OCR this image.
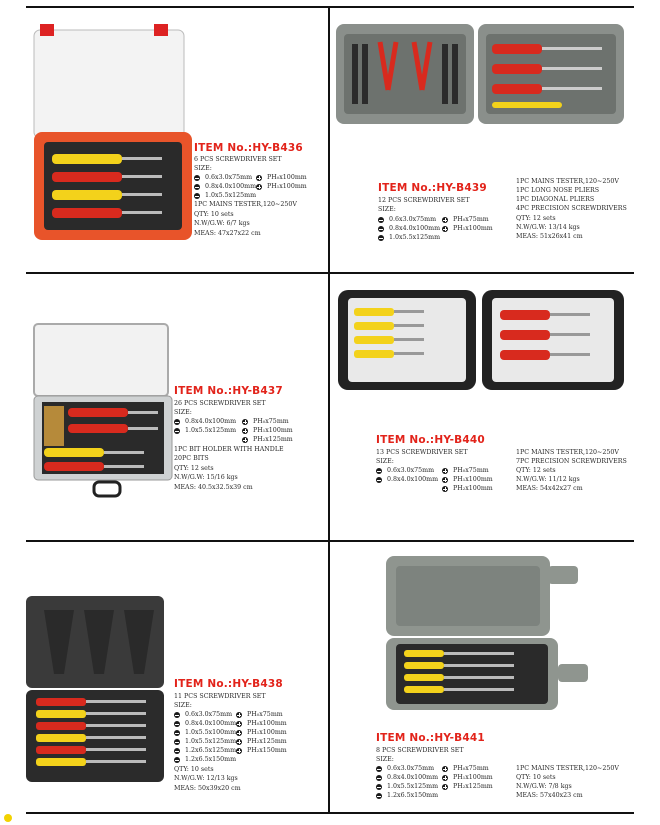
ITEM No.:HY-B436
6 PCS SCREWDRIVER SET
SIZE:
0.6x3.0x75mm PH₀x100mm
0.8x4.0x100mm PH₁x100mm
1.0x5.5x125mm
1PC MAINS TESTER,120~250V
QTY: 10 sets
N.W/G.W: 6/7 kgs
MEAS: 47x27x22 cm
ITEM No.:HY-B439
12 PCS SCREWDRIVER SET
SIZE:
0.6x3.0x75mm	PH₀x75mm
0.8x4.0x100mm PH₁x100mm
1.0x5.5x125mm
1PC MAINS TESTER,120~250V
1PC LONG NOSE PLIERS
1PC DIAGONAL PLIERS
4PC PRECISION SCREWDRIVERS
QTY: 12 sets
N.W/G.W: 13/14 kgs
MEAS: 51x26x41 cm
ITEM No.:HY-B437
26 PCS SCREWDRIVER SET
SIZE:
0.8x4.0x100mm	PH₀x75mm
1.0x5.5x125mm	PH₁x100mm
PH₂x125mm
1PC BIT HOLDER WITH HANDLE
20PC BITS
QTY: 12 sets
N.W/G.W: 15/16 kgs
MEAS: 40.5x32.5x39 cm
ITEM No.:HY-B440
13 PCS SCREWDRIVER SET
SIZE:
0.6x3.0x75mm	PH₀x75mm
0.8x4.0x100mm PH₁x100mm
PH₂x100mm
1PC MAINS TESTER,120~250V
7PC PRECISION SCREWDRIVERS
QTY: 12 sets
N.W/G.W: 11/12 kgs
MEAS: 54x42x27 cm
ITEM No.:HY-B438
11 PCS SCREWDRIVER SET
SIZE:
0.6x3.0x75mm PH₀x75mm
0.8x4.0x100mm PH₀x100mm
1.0x5.5x100mm PH₁x100mm
1.0x5.5x125mm PH₂x125mm
1.2x6.5x125mm PH₂x150mm
1.2x6.5x150mm
QTY: 10 sets
N.W/G.W: 12/13 kgs
MEAS: 50x39x20 cm
ITEM No.:HY-B441
8 PCS SCREWDRIVER SET
SIZE:
0.6x3.0x75mm	PH₀x75mm
0.8x4.0x100mm PH₁x100mm
1.0x5.5x125mm PH₂x125mm
1.2x6.5x150mm
1PC MAINS TESTER,120~250V
QTY: 10 sets
N.W/G.W: 7/8 kgs
MEAS: 57x40x23 cm
